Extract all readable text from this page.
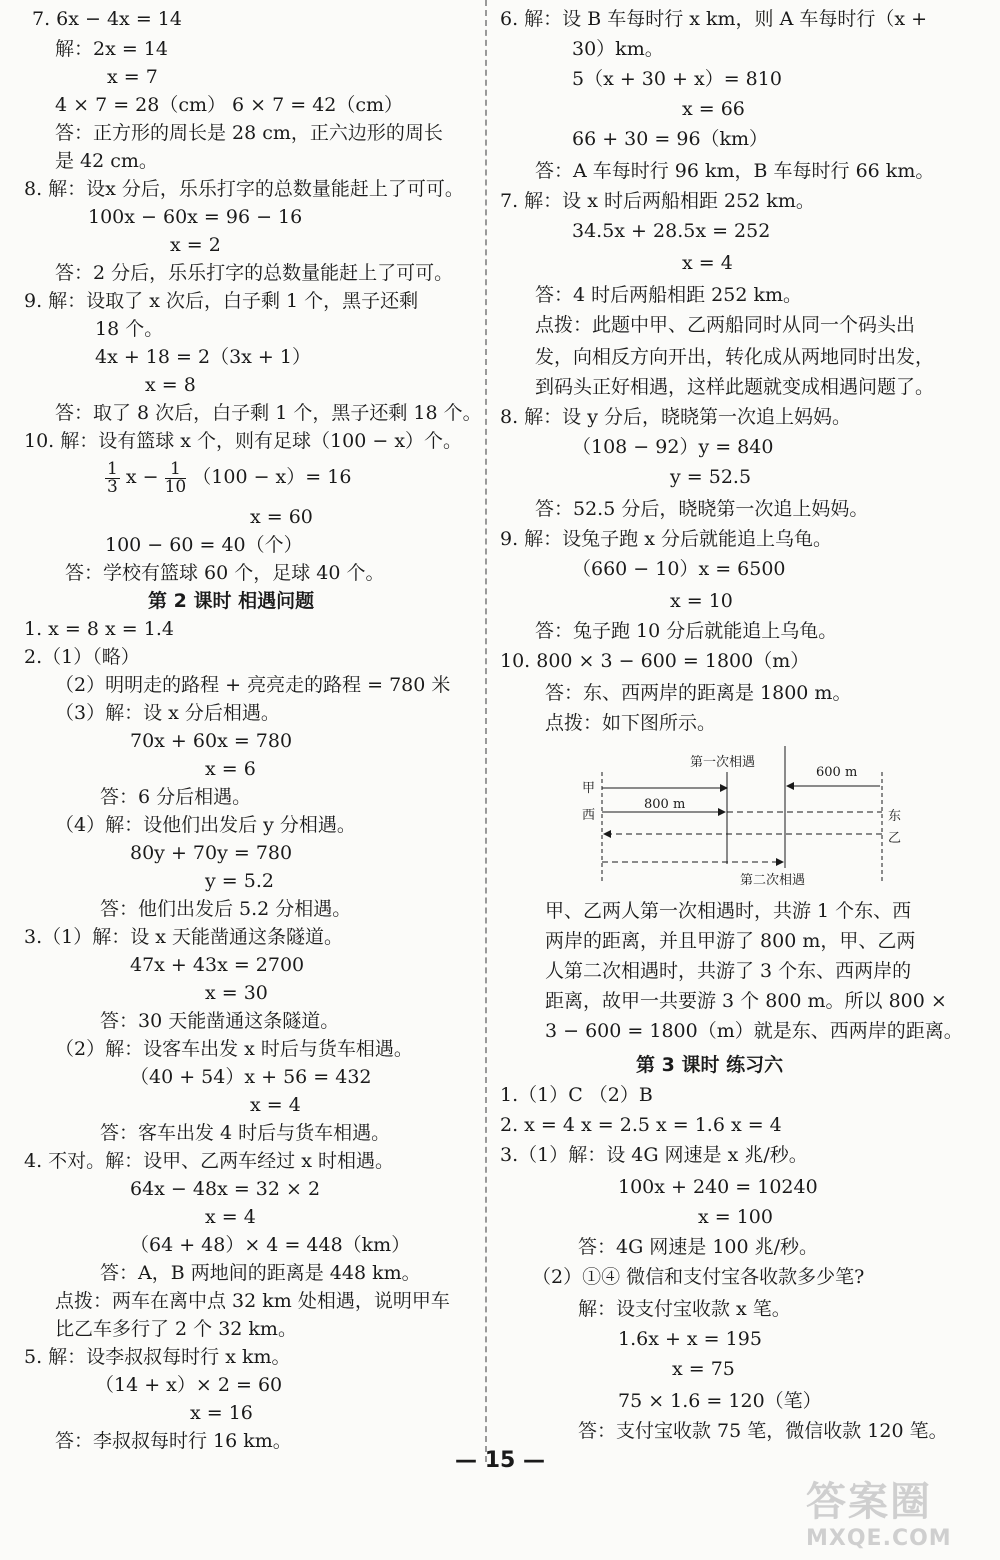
7. 6x − 4x = 14
解：2x = 14
x = 7
4 × 7 = 28（cm） 6 × 7 = 42（cm）
答：正方形的周长是 28 cm，正六边形的周长
是 42 cm。
8. 解：设x 分后，乐乐打字的总数量能赶上了可可。
100x − 60x = 96 − 16
x = 2
答：2 分后，乐乐打字的总数量能赶上了可可。
9. 解：设取了 x 次后，白子剩 1 个，黑子还剩
18 个。
4x + 18 = 2（3x + 1）
x = 8
答：取了 8 次后，白子剩 1 个，黑子还剩 18 个。
10. 解：设有篮球 x 个，则有足球（100 − x）个。
x = 60
100 − 60 = 40（个）
答：学校有篮球 60 个，足球 40 个。
1. x = 8 x = 1.4
2.（1）（略）
（2）明明走的路程 + 亮亮走的路程 = 780 米
（3）解：设 x 分后相遇。
70x + 60x = 780
x = 6
答：6 分后相遇。
（4）解：设他们出发后 y 分相遇。
80y + 70y = 780
y = 5.2
答：他们出发后 5.2 分相遇。
3.（1）解：设 x 天能凿通这条隧道。
47x + 43x = 2700
x = 30
答：30 天能凿通这条隧道。
（2）解：设客车出发 x 时后与货车相遇。
（40 + 54）x + 56 = 432
x = 4
答：客车出发 4 时后与货车相遇。
4. 不对。解：设甲、乙两车经过 x 时相遇。
64x − 48x = 32 × 2
x = 4
（64 + 48）× 4 = 448（km）
答：A，B 两地间的距离是 448 km。
点拨：两车在离中点 32 km 处相遇，说明甲车
比乙车多行了 2 个 32 km。
5. 解：设李叔叔每时行 x km。
（14 + x）× 2 = 60
x = 16
答：李叔叔每时行 16 km。
6. 解：设 B 车每时行 x km，则 A 车每时行（x +
30）km。
5（x + 30 + x）= 810
x = 66
66 + 30 = 96（km）
答：A 车每时行 96 km，B 车每时行 66 km。
7. 解：设 x 时后两船相距 252 km。
34.5x + 28.5x = 252
x = 4
答：4 时后两船相距 252 km。
点拨：此题中甲、乙两船同时从同一个码头出
发，向相反方向开出，转化成从两地同时出发，
到码头正好相遇，这样此题就变成相遇问题了。
8. 解：设 y 分后，晓晓第一次追上妈妈。
（108 − 92）y = 840
y = 52.5
答：52.5 分后，晓晓第一次追上妈妈。
9. 解：设兔子跑 x 分后就能追上乌龟。
（660 − 10）x = 6500
x = 10
答：兔子跑 10 分后就能追上乌龟。
10. 800 × 3 − 600 = 1800（m）
答：东、西两岸的距离是 1800 m。
点拨：如下图所示。
甲、乙两人第一次相遇时，共游 1 个东、西
两岸的距离，并且甲游了 800 m，甲、乙两
人第二次相遇时，共游了 3 个东、西两岸的
距离，故甲一共要游 3 个 800 m。所以 800 ×
3 − 600 = 1800（m）就是东、西两岸的距离。
1.（1）C （2）B
2. x = 4 x = 2.5 x = 1.6 x = 4
3.（1）解：设 4G 网速是 x 兆/秒。
100x + 240 = 10240
x = 100
答：4G 网速是 100 兆/秒。
（2）①④ 微信和支付宝各收款多少笔?
解：设支付宝收款 x 笔。
1.6x + x = 195
x = 75
75 × 1.6 = 120（笔）
答：支付宝收款 75 笔，微信收款 120 笔。
$\frac{1}{3}$ $x - \frac{1}{10} (100 - x)= 16$
第 2 课时 相遇问题
第 3 课时 练习六
第一次相遇
600 m
800 m
甲
西	东
乙
第二次相遇
— 15 —
答案圈
MXQE.COM
